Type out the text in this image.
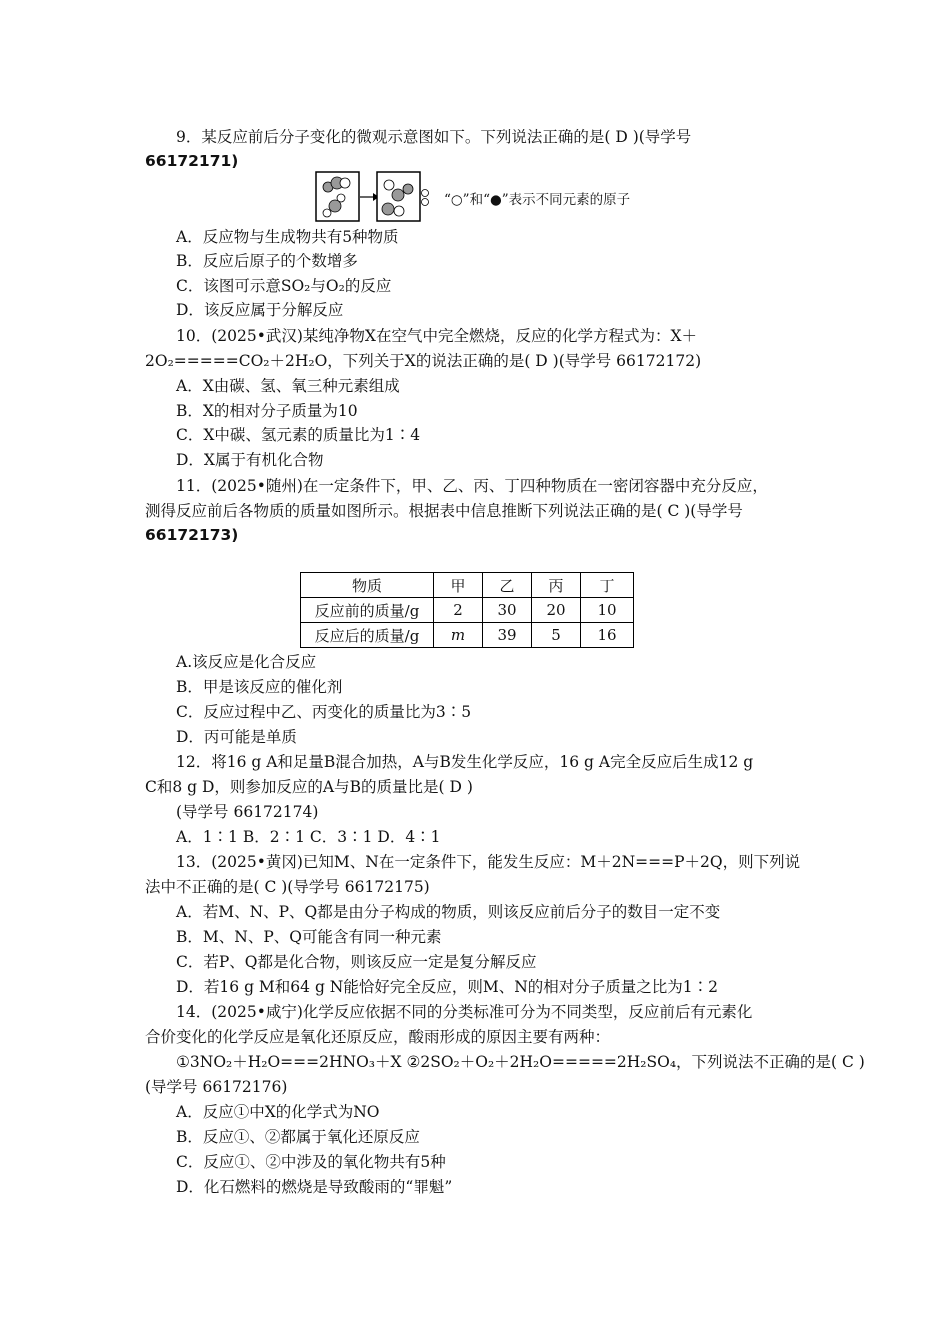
9．某反应前后分子变化的微观示意图如下。下列说法正确的是( D )(导学号
66172171)
“○”和“●”表示不同元素的原子
A．反应物与生成物共有5种物质
B．反应后原子的个数增多
C．该图可示意SO₂与O₂的反应
D．该反应属于分解反应
10．(2025•武汉)某纯净物X在空气中完全燃烧，反应的化学方程式为：X＋
2O₂=====CO₂＋2H₂O，下列关于X的说法正确的是( D )(导学号 66172172)
A．X由碳、氢、氧三种元素组成
B．X的相对分子质量为10
C．X中碳、氢元素的质量比为1∶4
D．X属于有机化合物
11．(2025•随州)在一定条件下，甲、乙、丙、丁四种物质在一密闭容器中充分反应，
测得反应前后各物质的质量如图所示。根据表中信息推断下列说法正确的是( C )(导学号
66172173)
物质	甲	乙	丙	丁
反应前的质量/g	2	30	20	10
反应后的质量/g	m	39	5	16
A.该反应是化合反应
B．甲是该反应的催化剂
C．反应过程中乙、丙变化的质量比为3∶5
D．丙可能是单质
12．将16 g A和足量B混合加热，A与B发生化学反应，16 g A完全反应后生成12 g
C和8 g D，则参加反应的A与B的质量比是( D )
(导学号 66172174)
A．1∶1 B．2∶1 C．3∶1 D．4∶1
13．(2025•黄冈)已知M、N在一定条件下，能发生反应：M＋2N===P＋2Q，则下列说
法中不正确的是( C )(导学号 66172175)
A．若M、N、P、Q都是由分子构成的物质，则该反应前后分子的数目一定不变
B．M、N、P、Q可能含有同一种元素
C．若P、Q都是化合物，则该反应一定是复分解反应
D．若16 g M和64 g N能恰好完全反应，则M、N的相对分子质量之比为1∶2
14．(2025•咸宁)化学反应依据不同的分类标准可分为不同类型，反应前后有元素化
合价变化的化学反应是氧化还原反应，酸雨形成的原因主要有两种：
①3NO₂＋H₂O===2HNO₃＋X ②2SO₂＋O₂＋2H₂O=====2H₂SO₄，下列说法不正确的是( C )
(导学号 66172176)
A．反应①中X的化学式为NO
B．反应①、②都属于氧化还原反应
C．反应①、②中涉及的氧化物共有5种
D．化石燃料的燃烧是导致酸雨的“罪魁”
